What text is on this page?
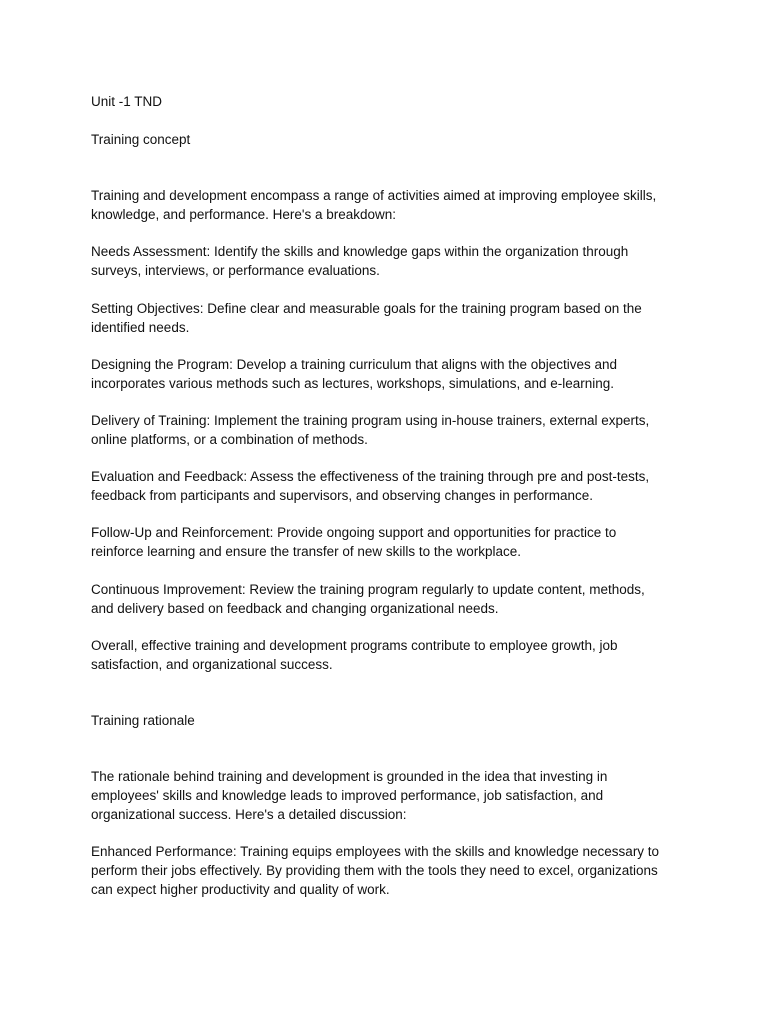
Unit -1 TND
Training concept
Training and development encompass a range of activities aimed at improving employee skills,
knowledge, and performance. Here's a breakdown:
Needs Assessment: Identify the skills and knowledge gaps within the organization through
surveys, interviews, or performance evaluations.
Setting Objectives: Define clear and measurable goals for the training program based on the
identified needs.
Designing the Program: Develop a training curriculum that aligns with the objectives and
incorporates various methods such as lectures, workshops, simulations, and e-learning.
Delivery of Training: Implement the training program using in-house trainers, external experts,
online platforms, or a combination of methods.
Evaluation and Feedback: Assess the effectiveness of the training through pre and post-tests,
feedback from participants and supervisors, and observing changes in performance.
Follow-Up and Reinforcement: Provide ongoing support and opportunities for practice to
reinforce learning and ensure the transfer of new skills to the workplace.
Continuous Improvement: Review the training program regularly to update content, methods,
and delivery based on feedback and changing organizational needs.
Overall, effective training and development programs contribute to employee growth, job
satisfaction, and organizational success.
Training rationale
The rationale behind training and development is grounded in the idea that investing in
employees' skills and knowledge leads to improved performance, job satisfaction, and
organizational success. Here's a detailed discussion:
Enhanced Performance: Training equips employees with the skills and knowledge necessary to
perform their jobs effectively. By providing them with the tools they need to excel, organizations
can expect higher productivity and quality of work.
